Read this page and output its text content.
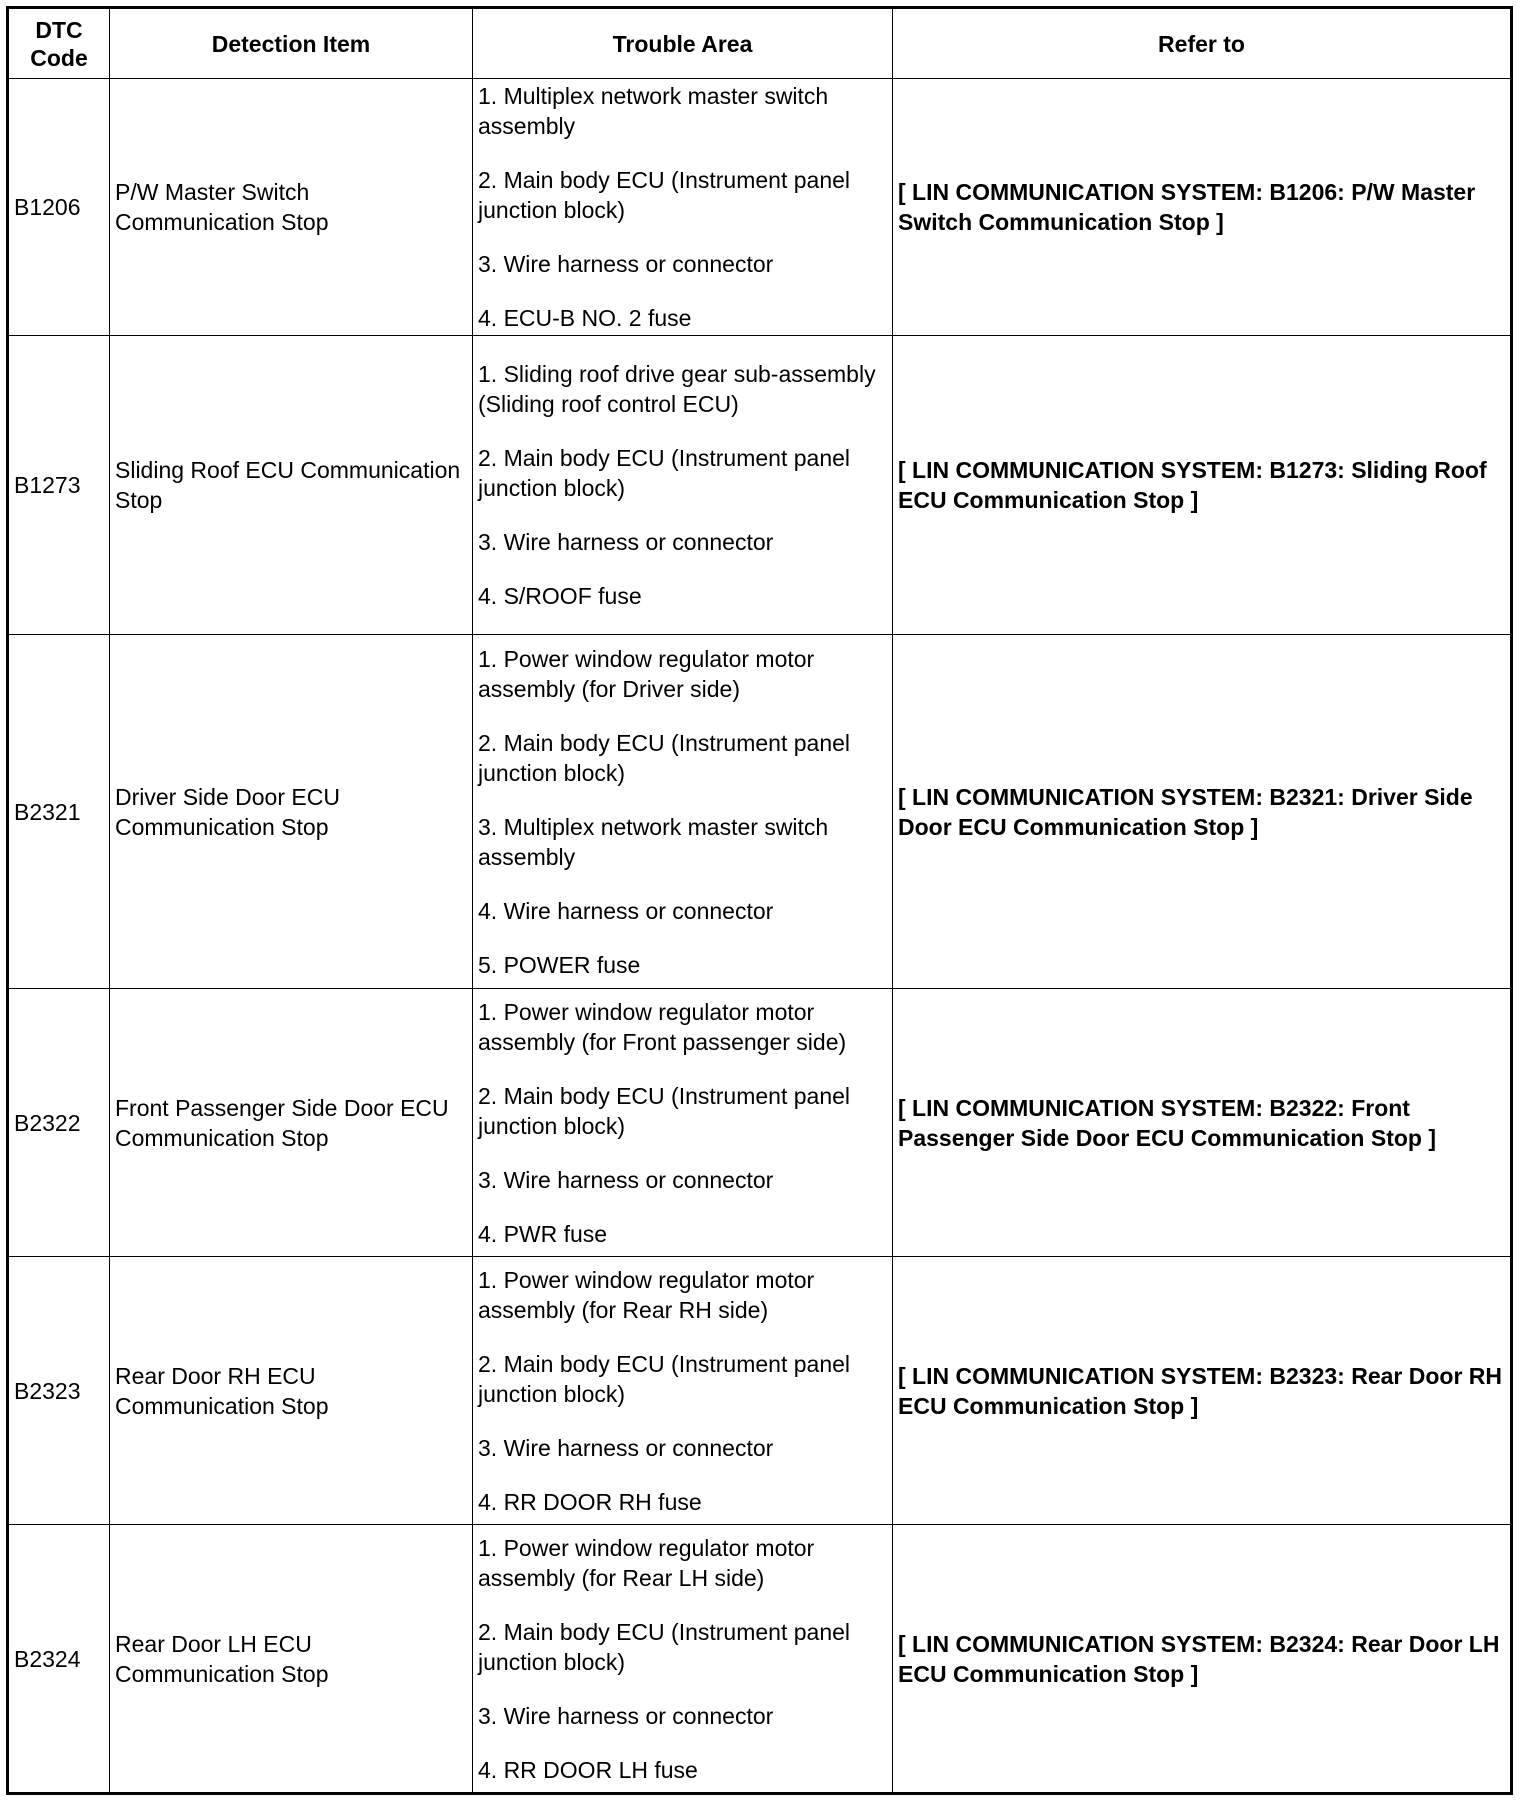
DTC Code	Detection Item	Trouble Area	Refer to
B1206	P/W Master Switch Communication Stop	1. Multiplex network master switch assembly
2. Main body ECU (Instrument panel junction block)
3. Wire harness or connector
4. ECU-B NO. 2 fuse	[ LIN COMMUNICATION SYSTEM: B1206: P/W Master Switch Communication Stop ]
B1273	Sliding Roof ECU Communication Stop	1. Sliding roof drive gear sub-assembly (Sliding roof control ECU)
2. Main body ECU (Instrument panel junction block)
3. Wire harness or connector
4. S/ROOF fuse	[ LIN COMMUNICATION SYSTEM: B1273: Sliding Roof ECU Communication Stop ]
B2321	Driver Side Door ECU Communication Stop	1. Power window regulator motor assembly (for Driver side)
2. Main body ECU (Instrument panel junction block)
3. Multiplex network master switch assembly
4. Wire harness or connector
5. POWER fuse	[ LIN COMMUNICATION SYSTEM: B2321: Driver Side Door ECU Communication Stop ]
B2322	Front Passenger Side Door ECU Communication Stop	1. Power window regulator motor assembly (for Front passenger side)
2. Main body ECU (Instrument panel junction block)
3. Wire harness or connector
4. PWR fuse	[ LIN COMMUNICATION SYSTEM: B2322: Front Passenger Side Door ECU Communication Stop ]
B2323	Rear Door RH ECU Communication Stop	1. Power window regulator motor assembly (for Rear RH side)
2. Main body ECU (Instrument panel junction block)
3. Wire harness or connector
4. RR DOOR RH fuse	[ LIN COMMUNICATION SYSTEM: B2323: Rear Door RH ECU Communication Stop ]
B2324	Rear Door LH ECU Communication Stop	1. Power window regulator motor assembly (for Rear LH side)
2. Main body ECU (Instrument panel junction block)
3. Wire harness or connector
4. RR DOOR LH fuse	[ LIN COMMUNICATION SYSTEM: B2324: Rear Door LH ECU Communication Stop ]
